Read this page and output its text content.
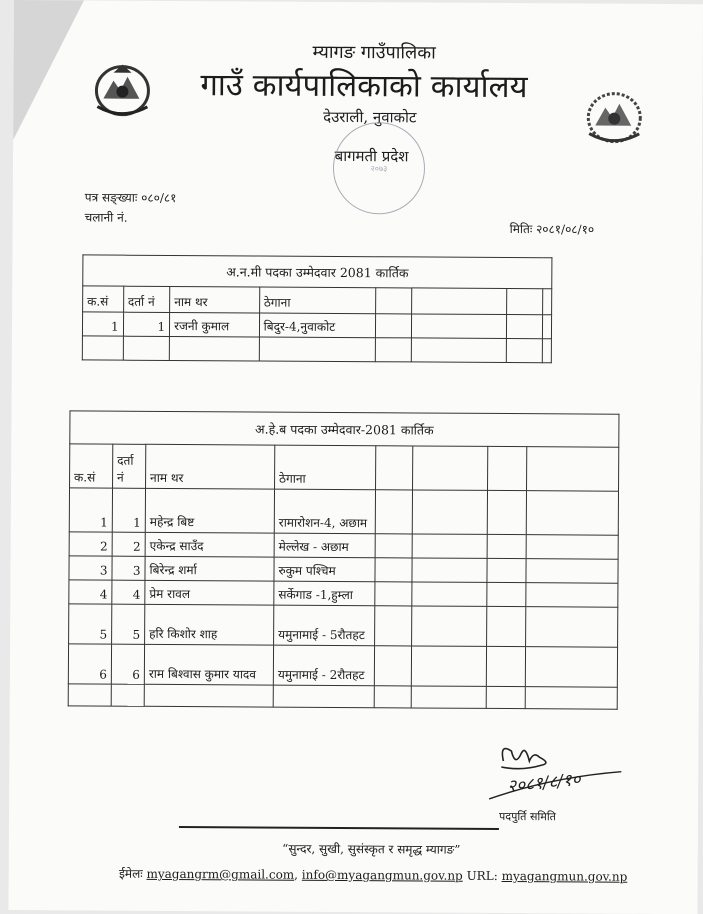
म्यागङ गाउँपालिका
गाउँ कार्यपालिकाको कार्यालय
देउराली, नुवाकोट
बागमती प्रदेश
२०७३
पत्र सङ्ख्याः ०८०/८१
चलानी नं.
मितिः २०८१/०८/१०
अ.न.मी पदका उम्मेदवार 2081 कार्तिक							
क.सं	दर्ता नं	नाम थर	ठेगाना				
1	1	रजनी कुमाल	बिदुर-4,नुवाकोट				

अ.हे.ब पदका उम्मेदवार-2081 कार्तिक							
क.सं	दर्ता नं	नाम थर	ठेगाना				
1	1	महेन्द्र बिष्ट	रामारोशन-4, अछाम				
2	2	एकेन्द्र साउँद	मेल्लेख - अछाम				
3	3	बिरेन्द्र शर्मा	रुकुम पश्चिम				
4	4	प्रेम रावल	सर्केगाड -1,हुम्ला				
5	5	हरि किशोर शाह	यमुनामाई - 5रौतहट				
6	6	राम बिश्वास कुमार यादव	यमुनामाई - 2रौतहट				

२०८१/८/१०
पदपुर्ति समिति
“सुन्दर, सुखी, सुसंस्कृत र समृद्ध म्यागङ”
ईमेलः myagangrm@gmail.com, info@myagangmun.gov.np URL: myagangmun.gov.np
